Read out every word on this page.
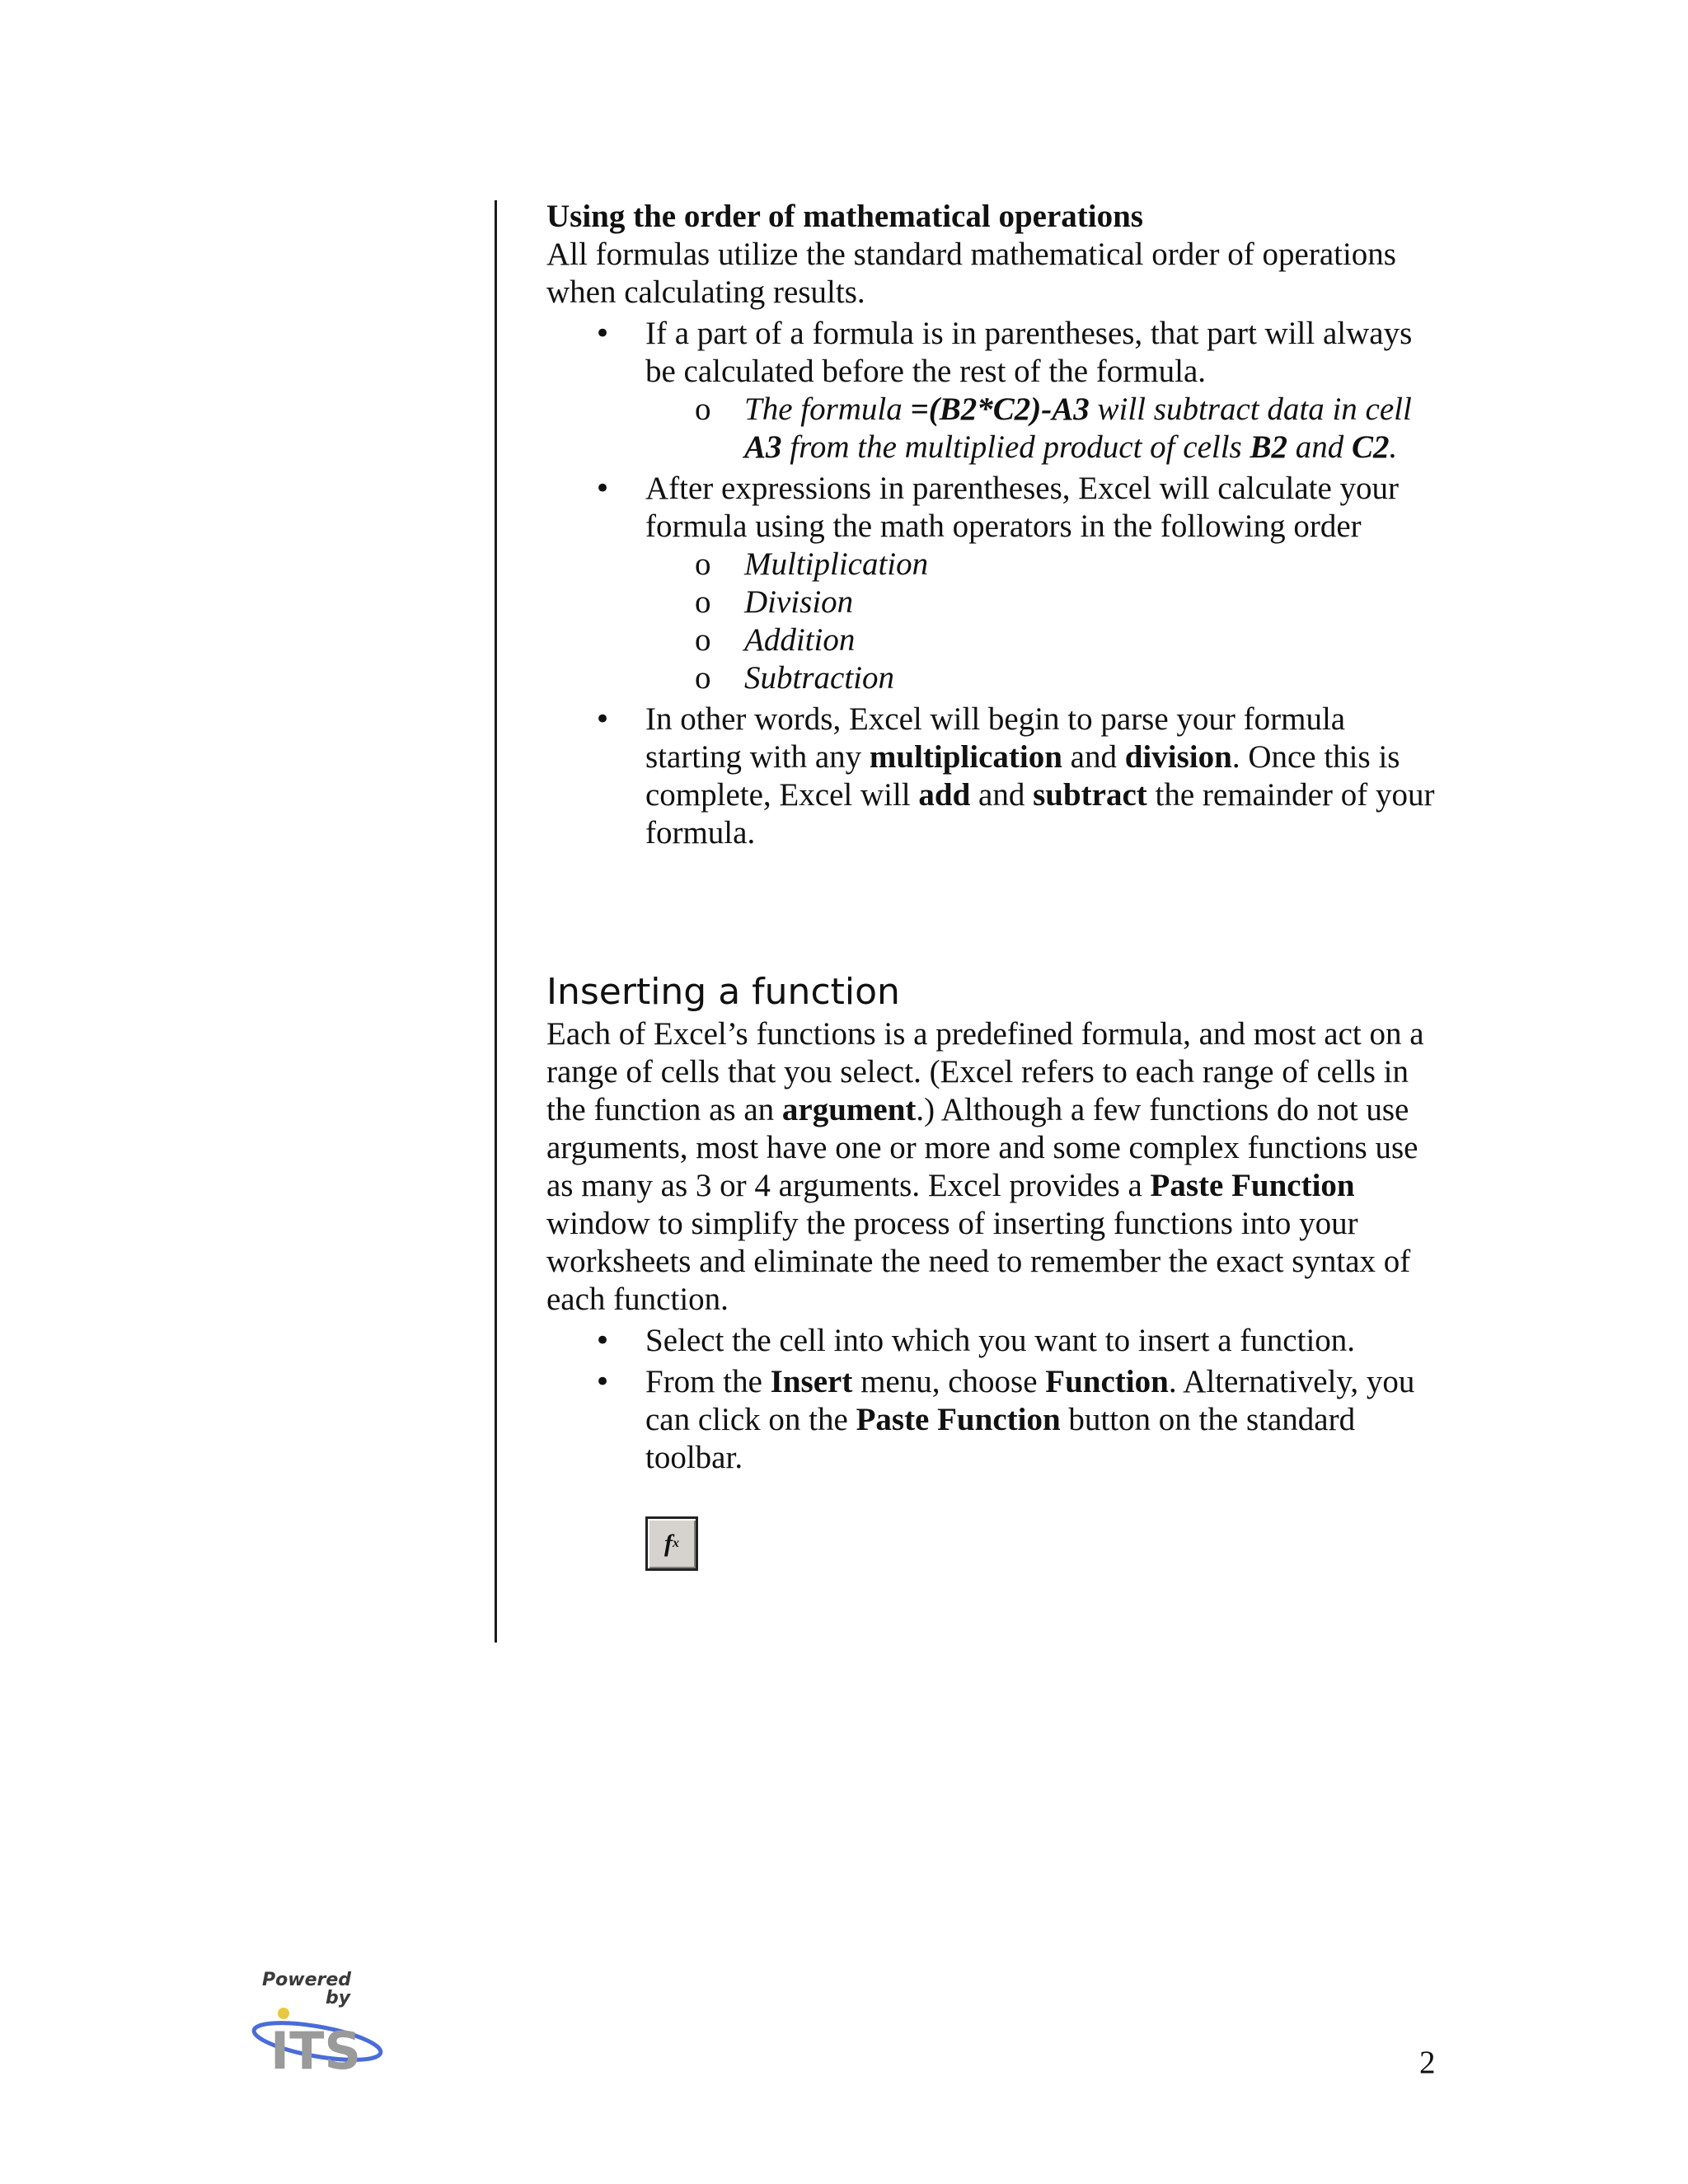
Using the order of mathematical operations

All formulas utilize the standard mathematical order of operations when calculating results.

• If a part of a formula is in parentheses, that part will always be calculated before the rest of the formula.
o The formula =(B2*C2)-A3 will subtract data in cell A3 from the multiplied product of cells B2 and C2.
• After expressions in parentheses, Excel will calculate your formula using the math operators in the following order
o Multiplication
o Division
o Addition
o Subtraction
• In other words, Excel will begin to parse your formula starting with any multiplication and division. Once this is complete, Excel will add and subtract the remainder of your formula.
Inserting a function

Each of Excel’s functions is a predefined formula, and most act on a range of cells that you select. (Excel refers to each range of cells in the function as an argument.) Although a few functions do not use arguments, most have one or more and some complex functions use as many as 3 or 4 arguments. Excel provides a Paste Function window to simplify the process of inserting functions into your worksheets and eliminate the need to remember the exact syntax of each function.

• Select the cell into which you want to insert a function.
• From the Insert menu, choose Function. Alternatively, you can click on the Paste Function button on the standard toolbar.
f x
Powered
by
ITS	2
